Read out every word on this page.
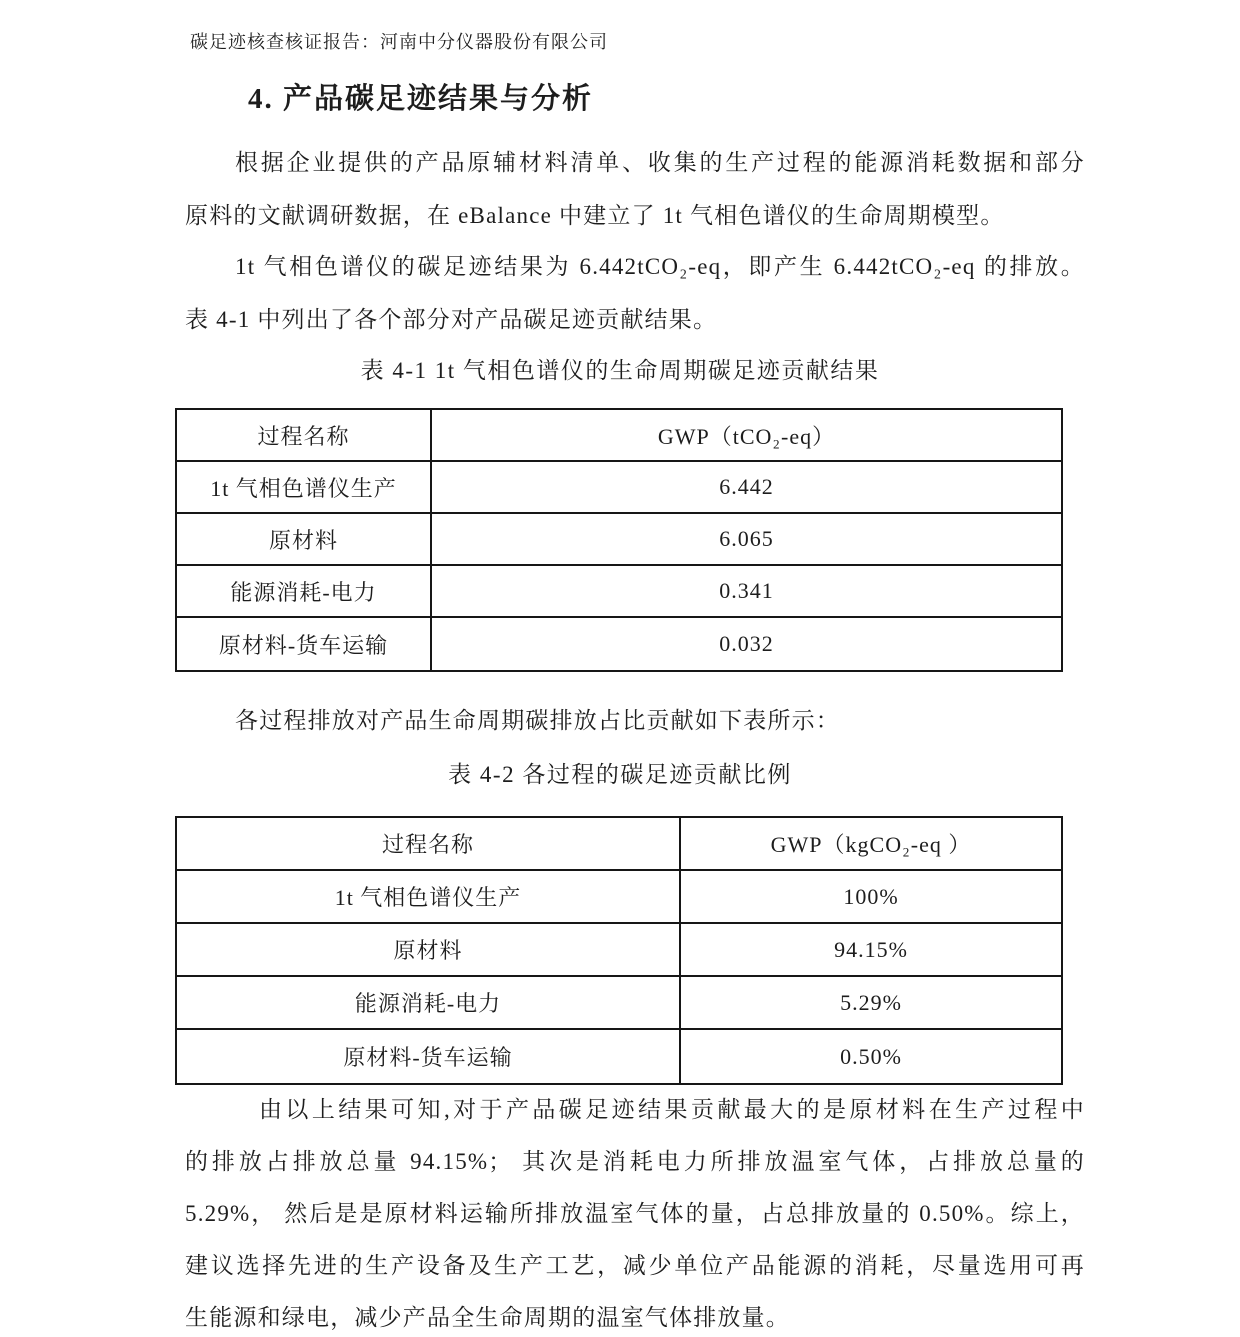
碳足迹核查核证报告：河南中分仪器股份有限公司
4. 产品碳足迹结果与分析
根据企业提供的产品原辅材料清单、收集的生产过程的能源消耗数据和部分
原料的文献调研数据，在 eBalance 中建立了 1t 气相色谱仪的生命周期模型。
1t 气相色谱仪的碳足迹结果为 6.442tCO₂-eq，即产生 6.442tCO₂-eq 的排放。
表 4-1 中列出了各个部分对产品碳足迹贡献结果。
表 4-1 1t 气相色谱仪的生命周期碳足迹贡献结果
过程名称	GWP（tCO₂-eq）
1t 气相色谱仪生产	6.442
原材料	6.065
能源消耗-电力	0.341
原材料-货车运输	0.032
各过程排放对产品生命周期碳排放占比贡献如下表所示：
表 4-2 各过程的碳足迹贡献比例
过程名称	GWP（kgCO₂-eq ）
1t 气相色谱仪生产	100%
原材料	94.15%
能源消耗-电力	5.29%
原材料-货车运输	0.50%
由以上结果可知,对于产品碳足迹结果贡献最大的是原材料在生产过程中
的排放占排放总量 94.15%； 其次是消耗电力所排放温室气体，占排放总量的
5.29%， 然后是是原材料运输所排放温室气体的量，占总排放量的 0.50%。综上，
建议选择先进的生产设备及生产工艺，减少单位产品能源的消耗，尽量选用可再
生能源和绿电，减少产品全生命周期的温室气体排放量。
